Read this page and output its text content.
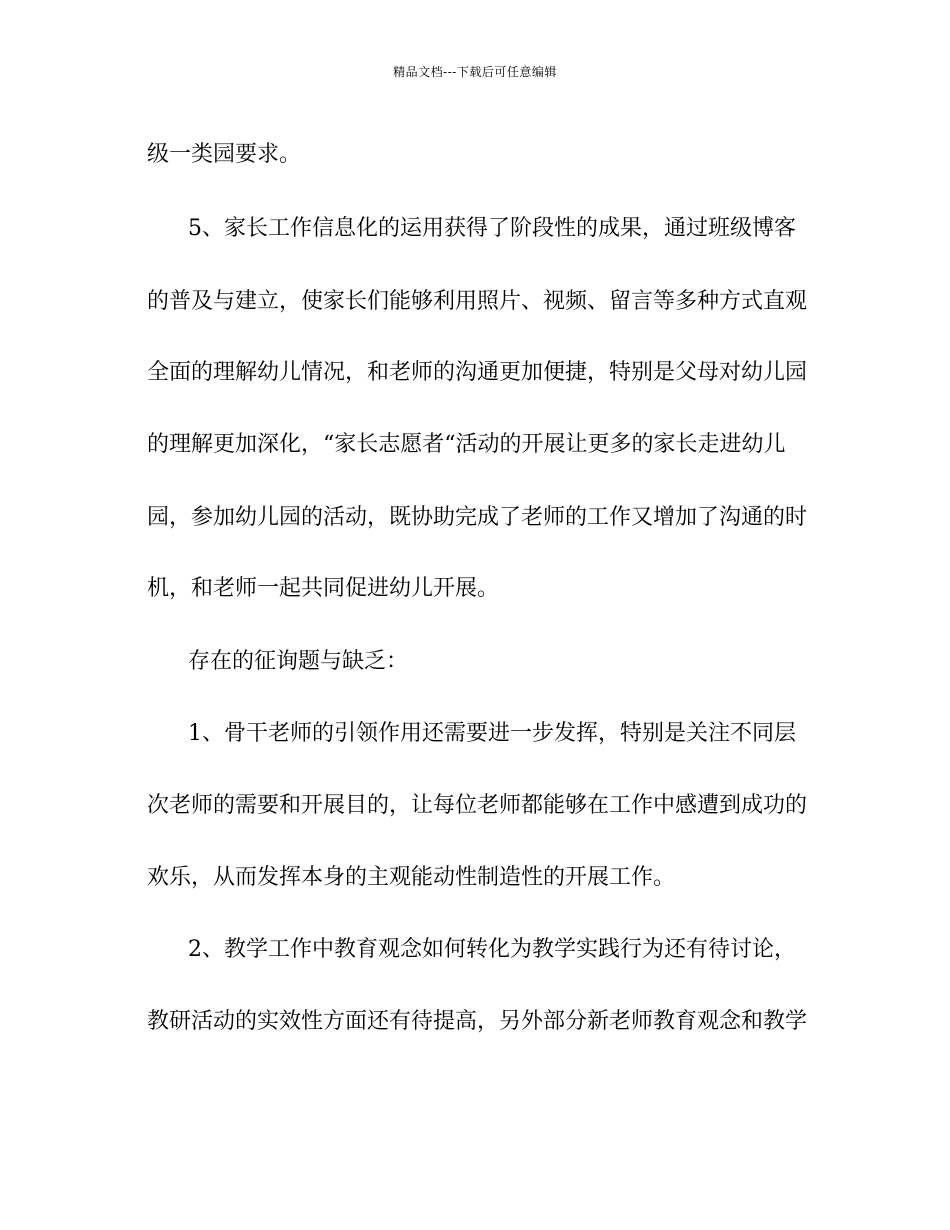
精品文档---下载后可任意编辑
级一类园要求。
5、家长工作信息化的运用获得了阶段性的成果，通过班级博客
的普及与建立，使家长们能够利用照片、视频、留言等多种方式直观
全面的理解幼儿情况，和老师的沟通更加便捷，特别是父母对幼儿园
的理解更加深化，“家长志愿者“活动的开展让更多的家长走进幼儿
园，参加幼儿园的活动，既协助完成了老师的工作又增加了沟通的时
机，和老师一起共同促进幼儿开展。
存在的征询题与缺乏：
1、骨干老师的引领作用还需要进一步发挥，特别是关注不同层
次老师的需要和开展目的，让每位老师都能够在工作中感遭到成功的
欢乐，从而发挥本身的主观能动性制造性的开展工作。
2、教学工作中教育观念如何转化为教学实践行为还有待讨论，
教研活动的实效性方面还有待提高，另外部分新老师教育观念和教学
